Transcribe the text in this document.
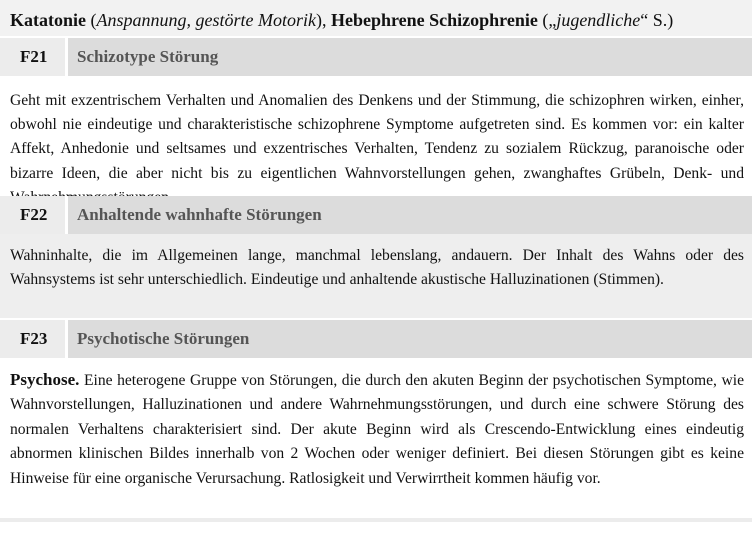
Katatonie (Anspannung, gestörte Motorik), Hebephrene Schizophrenie („jugendliche“ S.)
F21	Schizotype Störung
Geht mit exzentrischem Verhalten und Anomalien des Denkens und der Stimmung, die schizophren wirken, einher, obwohl nie eindeutige und charakteristische schizophrene Symptome aufgetreten sind. Es kommen vor: ein kalter Affekt, Anhedonie und seltsames und exzentrisches Verhalten, Tendenz zu sozialem Rückzug, paranoische oder bizarre Ideen, die aber nicht bis zu eigentlichen Wahnvorstellungen gehen, zwanghaftes Grübeln, Denk- und
F22	Anhaltende wahnhafte Störungen
Wahninhalte, die im Allgemeinen lange, manchmal lebenslang, andauern. Der Inhalt des Wahns oder des Wahnsystems ist sehr unterschiedlich. Eindeutige und anhaltende akustische Halluzinationen (Stimmen).
F23	Psychotische Störungen
Psychose. Eine heterogene Gruppe von Störungen, die durch den akuten Beginn der psychotischen Symptome, wie Wahnvorstellungen, Halluzinationen und andere Wahrnehmungsstörungen, und durch eine schwere Störung des normalen Verhaltens charakterisiert sind. Der akute Beginn wird als Crescendo-Entwicklung eines eindeutig abnormen klinischen Bildes innerhalb von 2 Wochen oder weniger definiert. Bei diesen Störungen gibt es keine Hinweise für eine organische Verursachung. Ratlosigkeit und Verwirrtheit kommen häufig vor.
